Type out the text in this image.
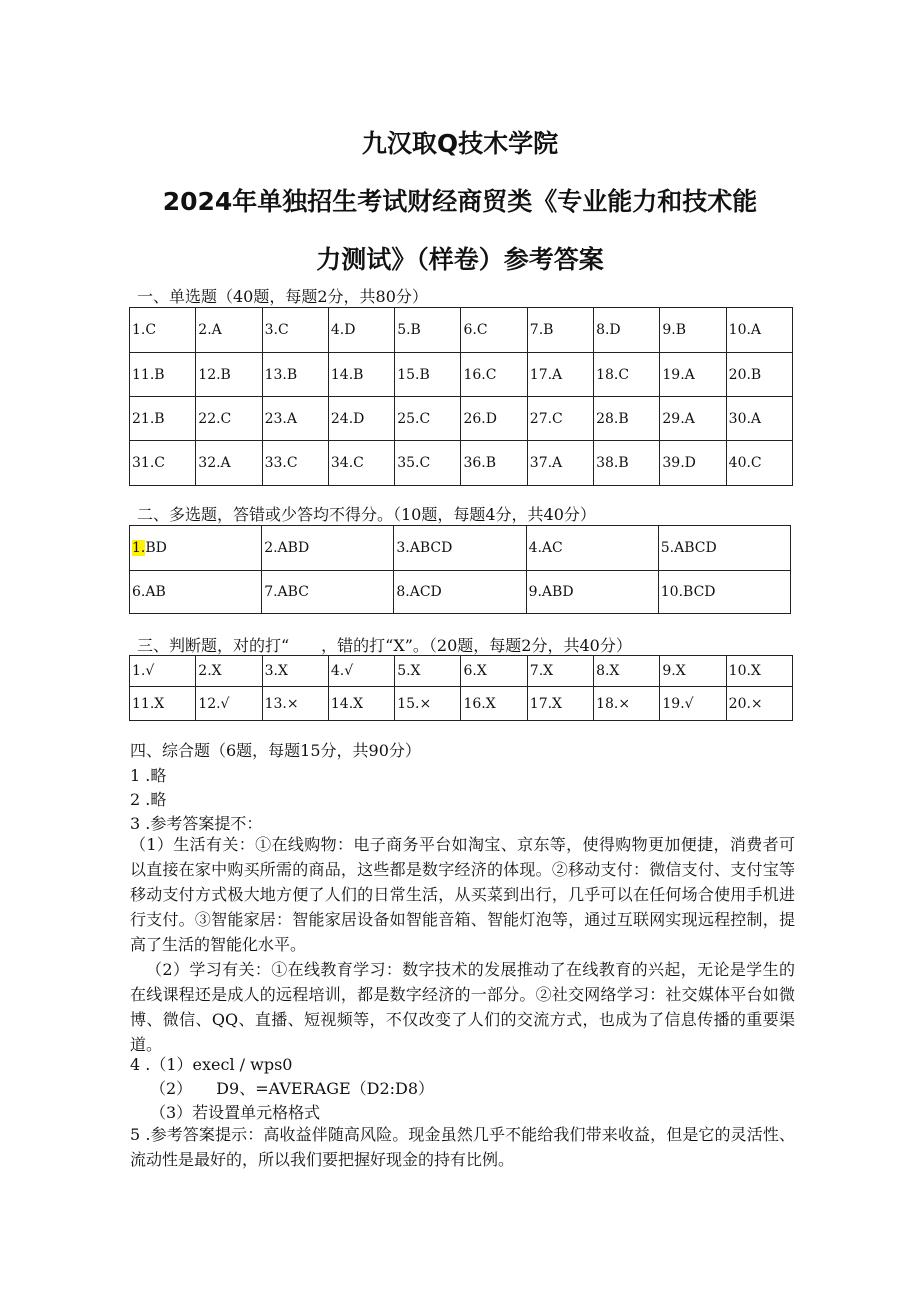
九汉取Q技木学院
2024年单独招生考试财经商贸类《专业能力和技术能
力测试》（样卷）参考答案
一、单选题（40题，每题2分，共80分）
1.C	2.A	3.C	4.D	5.B	6.C	7.B	8.D	9.B	10.A
11.B	12.B	13.B	14.B	15.B	16.C	17.A	18.C	19.A	20.B
21.B	22.C	23.A	24.D	25.C	26.D	27.C	28.B	29.A	30.A
31.C	32.A	33.C	34.C	35.C	36.B	37.A	38.B	39.D	40.C
二、多选题，答错或少答均不得分。（10题，每题4分，共40分）
1.BD	2.ABD	3.ABCD	4.AC	5.ABCD
6.AB	7.ABC	8.ACD	9.ABD	10.BCD
三、判断题，对的打“　　，错的打“X”。（20题，每题2分，共40分）
1.√	2.X	3.X	4.√	5.X	6.X	7.X	8.X	9.X	10.X
11.X	12.√	13.×	14.X	15.×	16.X	17.X	18.×	19.√	20.×
四、综合题（6题，每题15分，共90分）
1 .略
2 .略
3 .参考答案提不：

（1）生活有关：①在线购物：电子商务平台如淘宝、京东等，使得购物更加便捷，消费者可以直接在家中购买所需的商品，这些都是数字经济的体现。②移动支付：微信支付、支付宝等移动支付方式极大地方便了人们的日常生活，从买菜到出行，几乎可以在任何场合使用手机进行支付。③智能家居：智能家居设备如智能音箱、智能灯泡等，通过互联网实现远程控制，提高了生活的智能化水平。

（2）学习有关：①在线教育学习：数字技术的发展推动了在线教育的兴起，无论是学生的在线课程还是成人的远程培训，都是数字经济的一部分。②社交网络学习：社交媒体平台如微博、微信、QQ、直播、短视频等，不仅改变了人们的交流方式，也成为了信息传播的重要渠道。

4 .（1）execl / wps0
（2）　　D9、=AVERAGE（D2:D8）
（3）若设置单元格格式

5 .参考答案提示：高收益伴随高风险。现金虽然几乎不能给我们带来收益，但是它的灵活性、流动性是最好的，所以我们要把握好现金的持有比例。
